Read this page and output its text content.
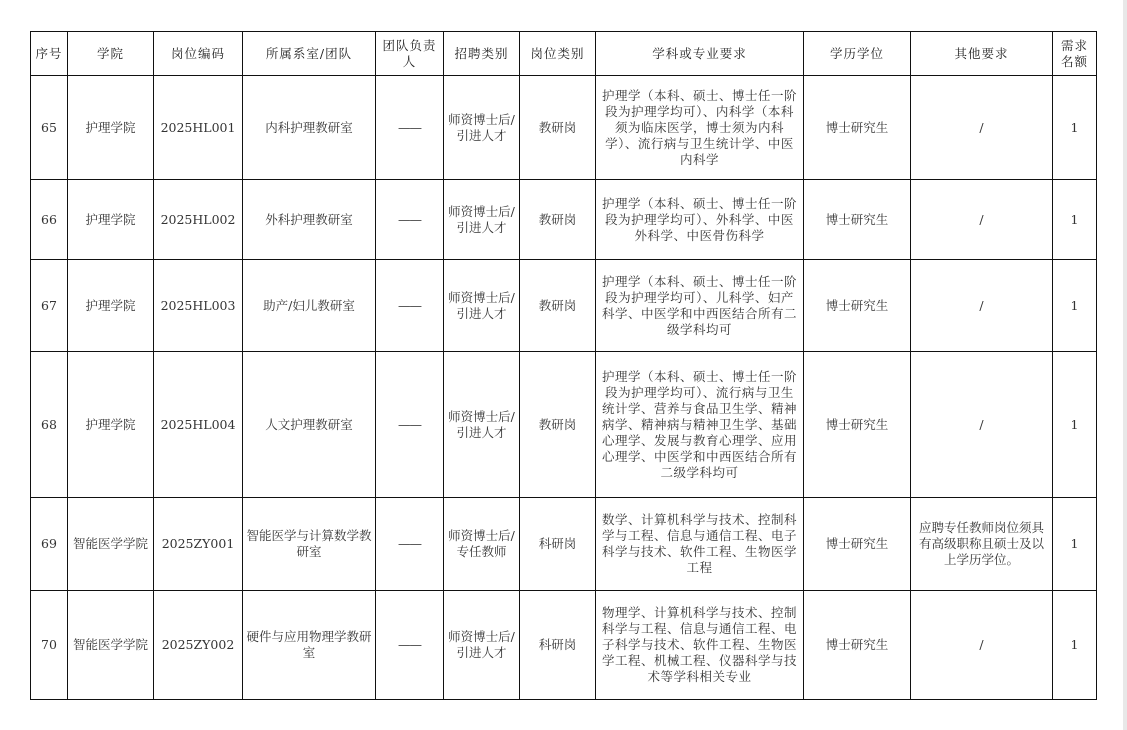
序号	学院	岗位编码	所属系室/团队	团队负责人	招聘类别	岗位类别	学科或专业要求	学历学位	其他要求	需求名额
65	护理学院	2025HL001	内科护理教研室	——	师资博士后/引进人才	教研岗	护理学（本科、硕士、博士任一阶段为护理学均可）、内科学（本科须为临床医学，博士须为内科学）、流行病与卫生统计学、中医内科学	博士研究生	/	1
66	护理学院	2025HL002	外科护理教研室	——	师资博士后/引进人才	教研岗	护理学（本科、硕士、博士任一阶段为护理学均可）、外科学、中医外科学、中医骨伤科学	博士研究生	/	1
67	护理学院	2025HL003	助产/妇儿教研室	——	师资博士后/引进人才	教研岗	护理学（本科、硕士、博士任一阶段为护理学均可）、儿科学、妇产科学、中医学和中西医结合所有二级学科均可	博士研究生	/	1
68	护理学院	2025HL004	人文护理教研室	——	师资博士后/引进人才	教研岗	护理学（本科、硕士、博士任一阶段为护理学均可）、流行病与卫生统计学、营养与食品卫生学、精神病学、精神病与精神卫生学、基础心理学、发展与教育心理学、应用心理学、中医学和中西医结合所有二级学科均可	博士研究生	/	1
69	智能医学学院	2025ZY001	智能医学与计算数学教研室	——	师资博士后/专任教师	科研岗	数学、计算机科学与技术、控制科学与工程、信息与通信工程、电子科学与技术、软件工程、生物医学工程	博士研究生	应聘专任教师岗位须具有高级职称且硕士及以上学历学位。	1
70	智能医学学院	2025ZY002	硬件与应用物理学教研室	——	师资博士后/引进人才	科研岗	物理学、计算机科学与技术、控制科学与工程、信息与通信工程、电子科学与技术、软件工程、生物医学工程、机械工程、仪器科学与技术等学科相关专业	博士研究生	/	1
